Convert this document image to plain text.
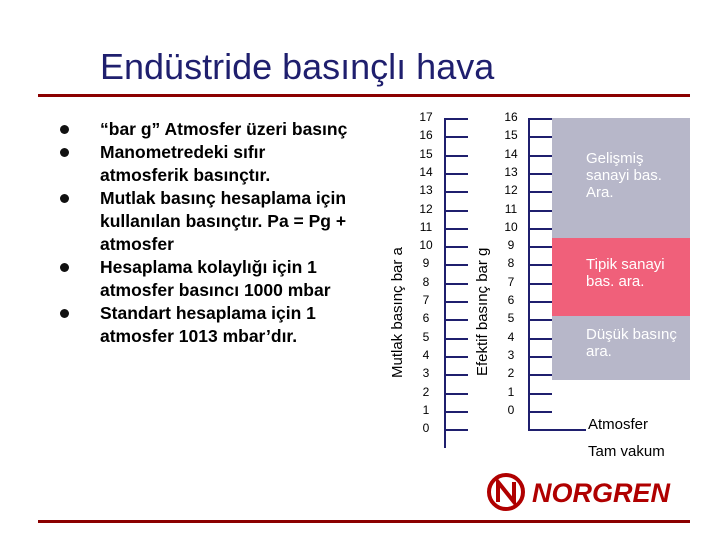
Endüstride basınçlı hava
“bar g” Atmosfer üzeri basınç
Manometredeki sıfır atmosferik basınçtır.
Mutlak basınç hesaplama için kullanılan basınçtır. Pa = Pg + atmosfer
Hesaplama kolaylığı için 1 atmosfer basıncı 1000 mbar
Standart hesaplama için 1 atmosfer 1013 mbar’dır.
Gelişmiş sanayi bas. Ara.
Tipik sanayi bas. ara.
Düşük basınç ara.
Atmosfer
Tam vakum
Mutlak basınç bar a	Efektif basınç bar g
17
16
15
14
13
12
11
10
9
8
7
6
5
4
3
2
1
0
16
15
14
13
12
11
10
9
8
7
6
5
4
3
2
1
0
NORGREN
